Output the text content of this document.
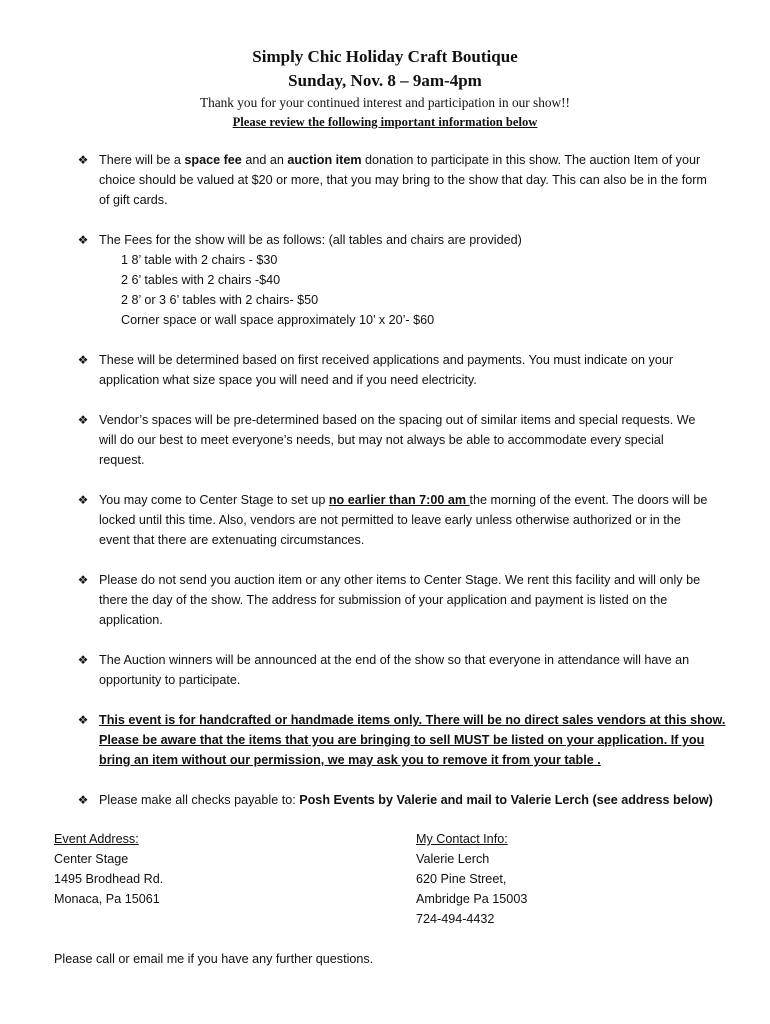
Simply Chic Holiday Craft Boutique
Sunday, Nov. 8 – 9am-4pm
Thank you for your continued interest and participation in our show!!
Please review the following important information below
❖ There will be a space fee and an auction item donation to participate in this show. The auction Item of your
choice should be valued at $20 or more, that you may bring to the show that day. This can also be in the form
of gift cards.
❖ The Fees for the show will be as follows: (all tables and chairs are provided)
1 8’ table with 2 chairs - $30
2 6’ tables with 2 chairs -$40
2 8’ or 3 6’ tables with 2 chairs- $50
Corner space or wall space approximately 10’ x 20’- $60
❖ These will be determined based on first received applications and payments. You must indicate on your
application what size space you will need and if you need electricity.
❖ Vendor’s spaces will be pre-determined based on the spacing out of similar items and special requests. We
will do our best to meet everyone’s needs, but may not always be able to accommodate every special
request.
❖ You may come to Center Stage to set up no earlier than 7:00 am the morning of the event. The doors will be
locked until this time. Also, vendors are not permitted to leave early unless otherwise authorized or in the
event that there are extenuating circumstances.
❖ Please do not send you auction item or any other items to Center Stage. We rent this facility and will only be
there the day of the show. The address for submission of your application and payment is listed on the
application.
❖ The Auction winners will be announced at the end of the show so that everyone in attendance will have an
opportunity to participate.
❖ This event is for handcrafted or handmade items only. There will be no direct sales vendors at this show.
Please be aware that the items that you are bringing to sell MUST be listed on your application. If you
bring an item without our permission, we may ask you to remove it from your table .
❖ Please make all checks payable to: Posh Events by Valerie and mail to Valerie Lerch (see address below)
Event Address:
Center Stage
1495 Brodhead Rd.
Monaca, Pa 15061
My Contact Info:
Valerie Lerch
620 Pine Street,
Ambridge Pa 15003
724-494-4432
Please call or email me if you have any further questions.
